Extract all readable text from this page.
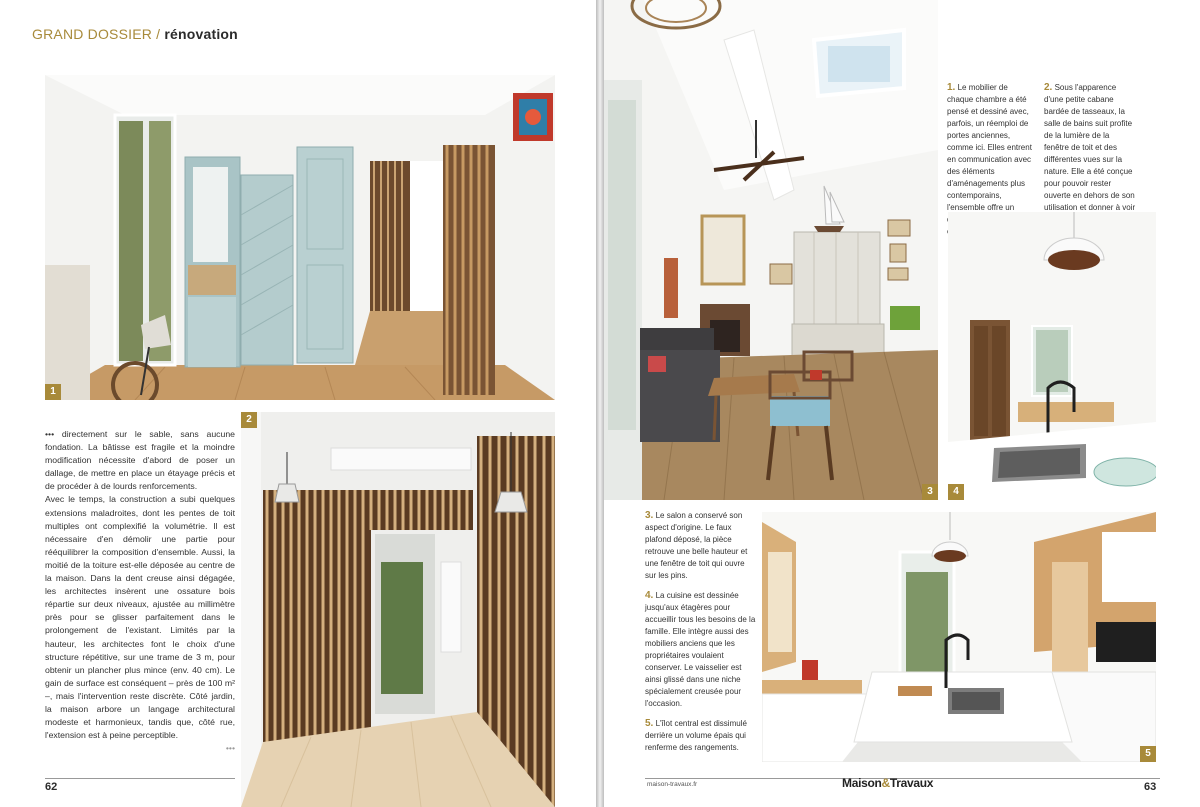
GRAND DOSSIER / rénovation
1
2

••• directement sur le sable, sans aucune fondation. La bâtisse est fragile et la moindre modification nécessite d'abord de poser un dallage, de mettre en place un étayage précis et de procéder à de lourds renforcements.

Avec le temps, la construction a subi quelques extensions maladroites, dont les pentes de toit multiples ont complexifié la volumétrie. Il est nécessaire d'en démolir une partie pour rééquilibrer la composition d'ensemble. Aussi, la moitié de la toiture est-elle déposée au centre de la maison. Dans la dent creuse ainsi dégagée, les architectes insèrent une ossature bois répartie sur deux niveaux, ajustée au millimètre près pour se glisser parfaitement dans le prolongement de l'existant. Limités par la hauteur, les architectes font le choix d'une structure répétitive, sur une trame de 3 m, pour obtenir un plancher plus mince (env. 40 cm). Le gain de surface est conséquent – près de 100 m² –, mais l'intervention reste discrète. Côté jardin, la maison arbore un langage architectural modeste et harmonieux, tandis que, côté rue, l'extension est à peine perceptible.

•••
62
3
1. Le mobilier de chaque chambre a été pensé et dessiné avec, parfois, un réemploi de portes anciennes, comme ici. Elles entrent en communication avec des éléments d'aménagements plus contemporains, l'ensemble offre un
2. Sous l'apparence d'une petite cabane bardée de tasseaux, la salle de bains suit profite de la lumière de la fenêtre de toit et des différentes vues sur la nature. Elle a été conçue pour pouvoir rester ouverte en dehors de son utilisation et donner à voir
4

3. Le salon a conservé son aspect d'origine. Le faux plafond déposé, la pièce retrouve une belle hauteur et une fenêtre de toit qui ouvre sur les pins.

4. La cuisine est dessinée jusqu'aux étagères pour accueillir tous les besoins de la famille. Elle intègre aussi des mobiliers anciens que les propriétaires voulaient conserver. Le vaisselier est ainsi glissé dans une niche spécialement creusée pour l'occasion.

5. L'îlot central est dissimulé derrière un volume épais qui renferme des rangements.

5
maison-travaux.fr	Maison&Travaux	63
